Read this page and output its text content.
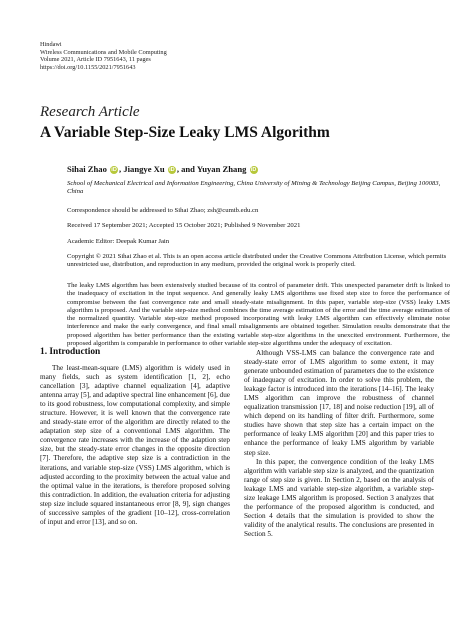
Hindawi
Wireless Communications and Mobile Computing
Volume 2021, Article ID 7951643, 11 pages
https://doi.org/10.1155/2021/7951643
Research Article
A Variable Step-Size Leaky LMS Algorithm
Sihai Zhao iD , Jiangye Xu iD , and Yuyan Zhang iD
School of Mechanical Electrical and Information Engineering, China University of Mining & Technology Beijing Campus, Beijing 100083, China
Correspondence should be addressed to Sihai Zhao; zsh@cumtb.edu.cn
Received 17 September 2021; Accepted 15 October 2021; Published 9 November 2021
Academic Editor: Deepak Kumar Jain
Copyright © 2021 Sihai Zhao et al. This is an open access article distributed under the Creative Commons Attribution License, which permits unrestricted use, distribution, and reproduction in any medium, provided the original work is properly cited.
The leaky LMS algorithm has been extensively studied because of its control of parameter drift. This unexpected parameter drift is linked to the inadequacy of excitation in the input sequence. And generally leaky LMS algorithms use fixed step size to force the performance of compromise between the fast convergence rate and small steady-state misalignment. In this paper, variable step-size (VSS) leaky LMS algorithm is proposed. And the variable step-size method combines the time average estimation of the error and the time average estimation of the normalized quantity. Variable step-size method proposed incorporating with leaky LMS algorithm can effectively eliminate noise interference and make the early convergence, and final small misalignments are obtained together. Simulation results demonstrate that the proposed algorithm has better performance than the existing variable step-size algorithms in the unexcited environment. Furthermore, the proposed algorithm is comparable in performance to other variable step-size algorithms under the adequacy of excitation.
1. Introduction

The least-mean-square (LMS) algorithm is widely used in many fields, such as system identification [1, 2], echo cancellation [3], adaptive channel equalization [4], adaptive antenna array [5], and adaptive spectral line enhancement [6], due to its good robustness, low computational complexity, and simple structure. However, it is well known that the convergence rate and steady-state error of the algorithm are directly related to the adaptation step size of a conventional LMS algorithm. The convergence rate increases with the increase of the adaption step size, but the steady-state error changes in the opposite direction [7]. Therefore, the adaptive step size is a contradiction in the iterations, and variable step-size (VSS) LMS algorithm, which is adjusted according to the proximity between the actual value and the optimal value in the iterations, is therefore proposed solving this contradiction. In addition, the evaluation criteria for adjusting step size include squared instantaneous error [8, 9], sign changes of successive samples of the gradient [10–12], cross-correlation of input and error [13], and so on.

Although VSS-LMS can balance the convergence rate and steady-state error of LMS algorithm to some extent, it may generate unbounded estimation of parameters due to the existence of inadequacy of excitation. In order to solve this problem, the leakage factor is introduced into the iterations [14–16]. The leaky LMS algorithm can improve the robustness of channel equalization transmission [17, 18] and noise reduction [19], all of which depend on its handling of filter drift. Furthermore, some studies have shown that step size has a certain impact on the performance of leaky LMS algorithm [20] and this paper tries to enhance the performance of leaky LMS algorithm by variable step size.

In this paper, the convergence condition of the leaky LMS algorithm with variable step size is analyzed, and the quantization range of step size is given. In Section 2, based on the analysis of leakage LMS and variable step-size algorithm, a variable step-size leakage LMS algorithm is proposed. Section 3 analyzes that the performance of the proposed algorithm is conducted, and Section 4 details that the simulation is provided to show the validity of the analytical results. The conclusions are presented in Section 5.
